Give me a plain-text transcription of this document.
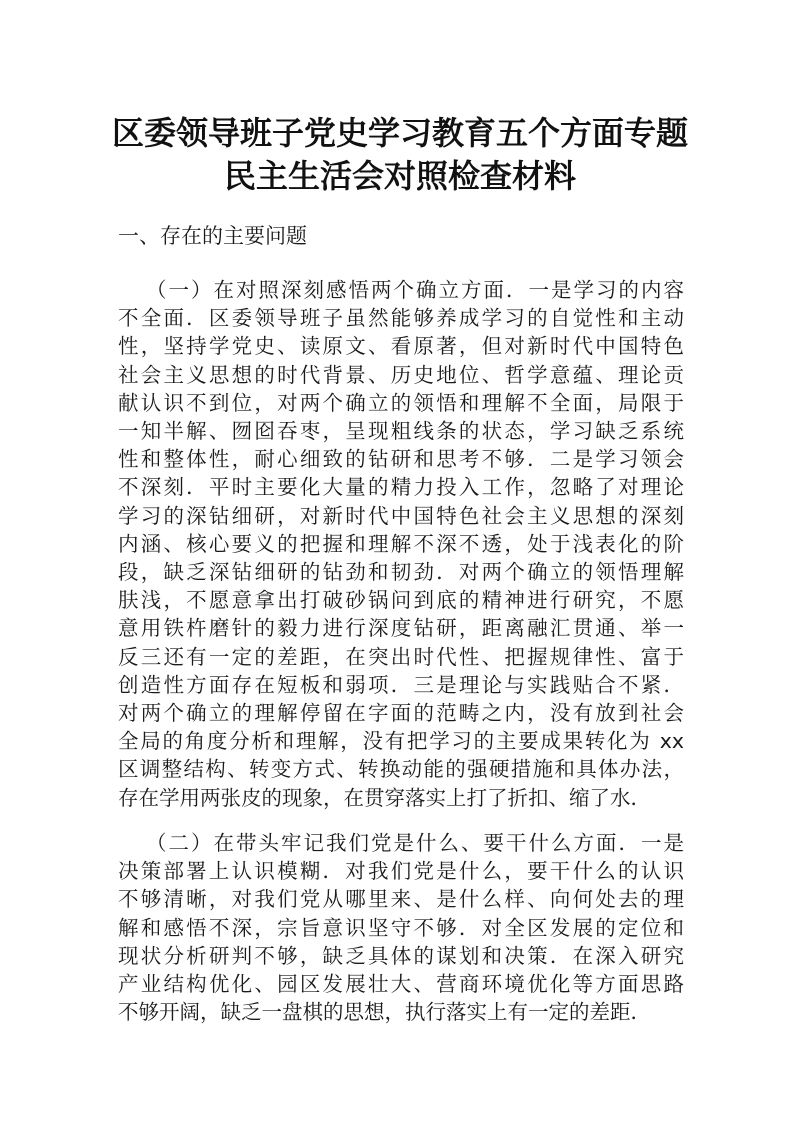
区委领导班子党史学习教育五个方面专题
民主生活会对照检查材料
一、存在的主要问题
（一）在对照深刻感悟两个确立方面．一是学习的内容
不全面．区委领导班子虽然能够养成学习的自觉性和主动
性，坚持学党史、读原文、看原著，但对新时代中国特色
社会主义思想的时代背景、历史地位、哲学意蕴、理论贡
献认识不到位，对两个确立的领悟和理解不全面，局限于
一知半解、囫囵吞枣，呈现粗线条的状态，学习缺乏系统
性和整体性，耐心细致的钻研和思考不够．二是学习领会
不深刻．平时主要化大量的精力投入工作，忽略了对理论
学习的深钻细研，对新时代中国特色社会主义思想的深刻
内涵、核心要义的把握和理解不深不透，处于浅表化的阶
段，缺乏深钻细研的钻劲和韧劲．对两个确立的领悟理解
肤浅，不愿意拿出打破砂锅问到底的精神进行研究，不愿
意用铁杵磨针的毅力进行深度钻研，距离融汇贯通、举一
反三还有一定的差距，在突出时代性、把握规律性、富于
创造性方面存在短板和弱项．三是理论与实践贴合不紧．
对两个确立的理解停留在字面的范畴之内，没有放到社会
全局的角度分析和理解，没有把学习的主要成果转化为 xx
区调整结构、转变方式、转换动能的强硬措施和具体办法，
存在学用两张皮的现象，在贯穿落实上打了折扣、缩了水．
（二）在带头牢记我们党是什么、要干什么方面．一是
决策部署上认识模糊．对我们党是什么，要干什么的认识
不够清晰，对我们党从哪里来、是什么样、向何处去的理
解和感悟不深，宗旨意识坚守不够．对全区发展的定位和
现状分析研判不够，缺乏具体的谋划和决策．在深入研究
产业结构优化、园区发展壮大、营商环境优化等方面思路
不够开阔，缺乏一盘棋的思想，执行落实上有一定的差距．
